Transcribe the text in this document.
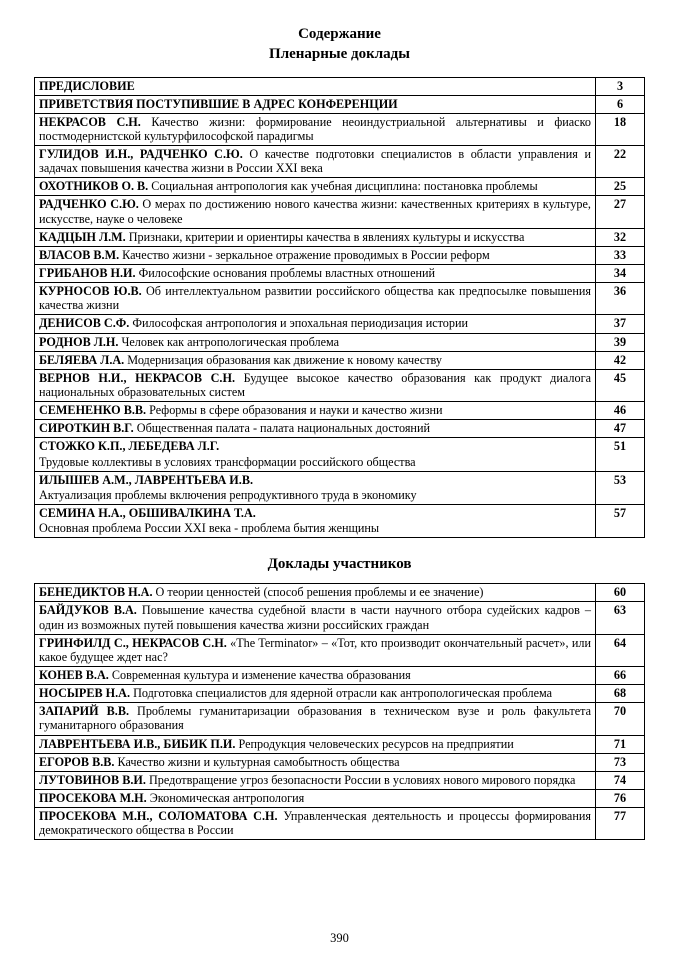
Содержание
Пленарные доклады
ПРЕДИСЛОВИЕ	3
ПРИВЕТСТВИЯ ПОСТУПИВШИЕ В АДРЕС КОНФЕРЕНЦИИ	6
НЕКРАСОВ С.Н. Качество жизни: формирование неоиндустриальной альтернативы и фиаско постмодернистской культурфилософской парадигмы	18
ГУЛИДОВ И.Н., РАДЧЕНКО С.Ю. О качестве подготовки специалистов в области управления и задачах повышения качества жизни в России XXI века	22
ОХОТНИКОВ О. В. Социальная антропология как учебная дисциплина: постановка проблемы	25
РАДЧЕНКО С.Ю. О мерах по достижению нового качества жизни: качественных критериях в культуре, искусстве, науке о человеке	27
КАДЦЫН Л.М. Признаки, критерии и ориентиры качества в явлениях культуры и искусства	32
ВЛАСОВ В.М. Качество жизни - зеркальное отражение проводимых в России реформ	33
ГРИБАНОВ Н.И. Философские основания проблемы властных отношений	34
КУРНОСОВ Ю.В. Об интеллектуальном развитии российского общества как предпосылке повышения качества жизни	36
ДЕНИСОВ С.Ф. Философская антропология и эпохальная периодизация истории	37
РОДНОВ Л.Н. Человек как антропологическая проблема	39
БЕЛЯЕВА Л.А. Модернизация образования как движение к новому качеству	42
ВЕРНОВ Н.И., НЕКРАСОВ С.Н. Будущее высокое качество образования как продукт диалога национальных образовательных систем	45
СЕМЕНЕНКО В.В. Реформы в сфере образования и науки и качество жизни	46
СИРОТКИН В.Г. Общественная палата - палата национальных достояний	47
СТОЖКО К.П., ЛЕБЕДЕВА Л.Г.
Трудовые коллективы в условиях трансформации российского общества	51
ИЛЫШЕВ А.М., ЛАВРЕНТЬЕВА И.В.
Актуализация проблемы включения репродуктивного труда в экономику	53
СЕМИНА Н.А., ОБШИВАЛКИНА Т.А.
Основная проблема России XXI века - проблема бытия женщины	57
Доклады участников
БЕНЕДИКТОВ Н.А. О теории ценностей (способ решения проблемы и ее значение)	60
БАЙДУКОВ В.А. Повышение качества судебной власти в части научного отбора судейских кадров – один из возможных путей повышения качества жизни российских граждан	63
ГРИНФИЛД С., НЕКРАСОВ С.Н. «The Terminator» – «Тот, кто производит окончательный расчет», или какое будущее ждет нас?	64
КОНЕВ В.А. Современная культура и изменение качества образования	66
НОСЫРЕВ Н.А. Подготовка специалистов для ядерной отрасли как антропологическая проблема	68
ЗАПАРИЙ В.В. Проблемы гуманитаризации образования в техническом вузе и роль факультета гуманитарного образования	70
ЛАВРЕНТЬЕВА И.В., БИБИК П.И. Репродукция человеческих ресурсов на предприятии	71
ЕГОРОВ В.В. Качество жизни и культурная самобытность общества	73
ЛУТОВИНОВ В.И. Предотвращение угроз безопасности России в условиях нового мирового порядка	74
ПРОСЕКОВА М.Н. Экономическая антропология	76
ПРОСЕКОВА М.Н., СОЛОМАТОВА С.Н. Управленческая деятельность и процессы формирования демократического общества в России	77
390
